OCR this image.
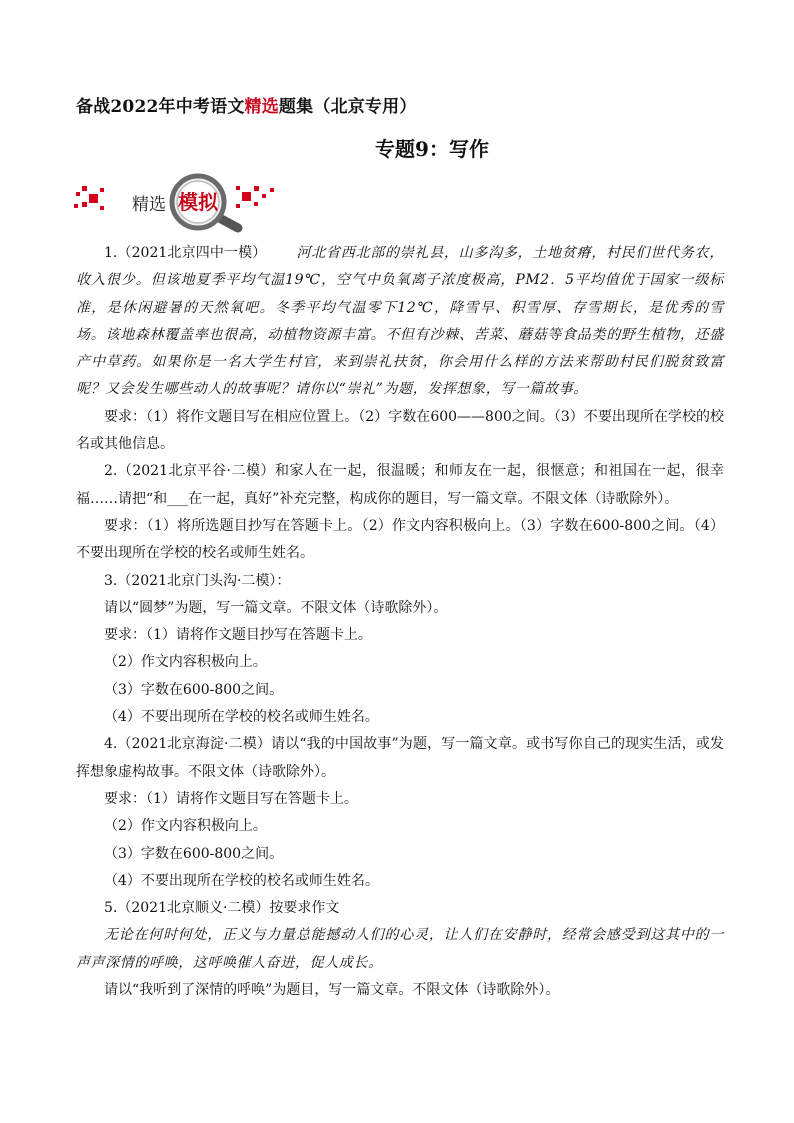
备战2022年中考语文精选题集（北京专用）
专题9：写作
精选 模拟

1.（2021北京四中一模） 河北省西北部的崇礼县，山多沟多，土地贫瘠，村民们世代务农，收入很少。但该地夏季平均气温19℃，空气中负氧离子浓度极高，PM2．5平均值优于国家一级标准，是休闲避暑的天然氧吧。冬季平均气温零下12℃，降雪早、积雪厚、存雪期长，是优秀的雪场。该地森林覆盖率也很高，动植物资源丰富。不但有沙棘、苦菜、蘑菇等食品类的野生植物，还盛产中草药。如果你是一名大学生村官，来到崇礼扶贫，你会用什么样的方法来帮助村民们脱贫致富呢？又会发生哪些动人的故事呢？请你以“崇礼”为题，发挥想象，写一篇故事。

要求：（1）将作文题目写在相应位置上。（2）字数在600——800之间。（3）不要出现所在学校的校名或其他信息。

2.（2021北京平谷·二模）和家人在一起，很温暖；和师友在一起，很惬意；和祖国在一起，很幸福……请把“和___在一起，真好”补充完整，构成你的题目，写一篇文章。不限文体（诗歌除外）。

要求：（1）将所选题目抄写在答题卡上。（2）作文内容积极向上。（3）字数在600-800之间。（4）不要出现所在学校的校名或师生姓名。

3.（2021北京门头沟·二模）：

请以“圆梦”为题，写一篇文章。不限文体（诗歌除外）。

要求：（1）请将作文题目抄写在答题卡上。

（2）作文内容积极向上。

（3）字数在600-800之间。

（4）不要出现所在学校的校名或师生姓名。

4.（2021北京海淀·二模）请以“我的中国故事”为题，写一篇文章。或书写你自己的现实生活，或发挥想象虚构故事。不限文体（诗歌除外）。

要求：（1）请将作文题目写在答题卡上。

（2）作文内容积极向上。

（3）字数在600-800之间。

（4）不要出现所在学校的校名或师生姓名。

5.（2021北京顺义·二模）按要求作文

无论在何时何处，正义与力量总能撼动人们的心灵，让人们在安静时，经常会感受到这其中的一声声深情的呼唤，这呼唤催人奋进，促人成长。

请以“我听到了深情的呼唤”为题目，写一篇文章。不限文体（诗歌除外）。
